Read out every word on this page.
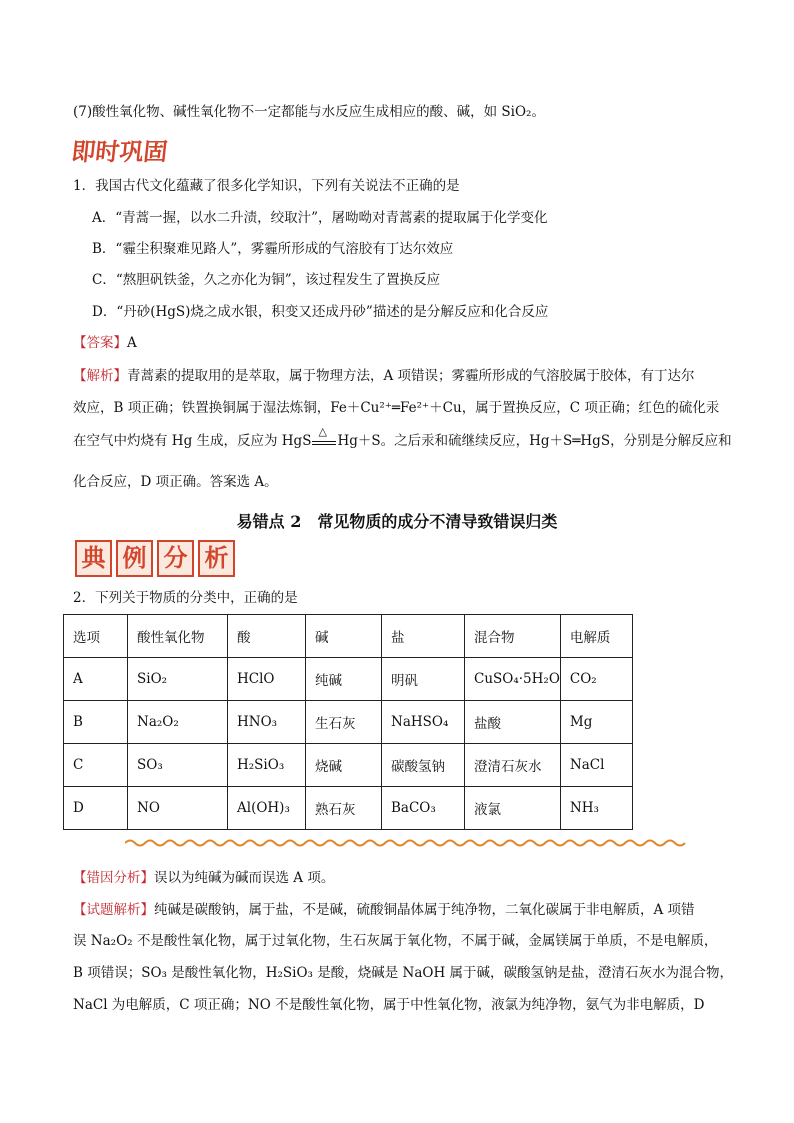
(7)酸性氧化物、碱性氧化物不一定都能与水反应生成相应的酸、碱，如 SiO₂。
即
时
巩
固
1．我国古代文化蕴藏了很多化学知识，下列有关说法不正确的是
A．“青蒿一握，以水二升渍，绞取汁”，屠呦呦对青蒿素的提取属于化学变化
B．“霾尘积聚难见路人”，雾霾所形成的气溶胶有丁达尔效应
C．“熬胆矾铁釜，久之亦化为铜”，该过程发生了置换反应
D．“丹砂(HgS)烧之成水银，积变又还成丹砂”描述的是分解反应和化合反应
【答案】A
【解析】青蒿素的提取用的是萃取，属于物理方法，A 项错误；雾霾所形成的气溶胶属于胶体，有丁达尔
效应，B 项正确；铁置换铜属于湿法炼铜，Fe＋Cu²⁺═Fe²⁺＋Cu，属于置换反应，C 项正确；红色的硫化汞
在空气中灼烧有 Hg 生成，反应为 HgS
△
Hg＋S。之后汞和硫继续反应，Hg＋S═HgS，分别是分解反应和
化合反应，D 项正确。答案选 A。
易错点 2　常见物质的成分不清导致错误归类
典 例 分 析
2．下列关于物质的分类中，正确的是
选项	酸性氧化物	酸	碱	盐	混合物	电解质
A	SiO₂	HClO	纯碱	明矾	CuSO₄·5H₂O	CO₂
B	Na₂O₂	HNO₃	生石灰	NaHSO₄	盐酸	Mg
C	SO₃	H₂SiO₃	烧碱	碳酸氢钠	澄清石灰水	NaCl
D	NO	Al(OH)₃	熟石灰	BaCO₃	液氯	NH₃
【错因分析】误以为纯碱为碱而误选 A 项。
【试题解析】纯碱是碳酸钠，属于盐，不是碱，硫酸铜晶体属于纯净物，二氧化碳属于非电解质，A 项错
误 Na₂O₂ 不是酸性氧化物，属于过氧化物，生石灰属于氧化物，不属于碱，金属镁属于单质，不是电解质，
B 项错误；SO₃ 是酸性氧化物，H₂SiO₃ 是酸，烧碱是 NaOH 属于碱，碳酸氢钠是盐，澄清石灰水为混合物，
NaCl 为电解质，C 项正确；NO 不是酸性氧化物，属于中性氧化物，液氯为纯净物，氨气为非电解质，D
